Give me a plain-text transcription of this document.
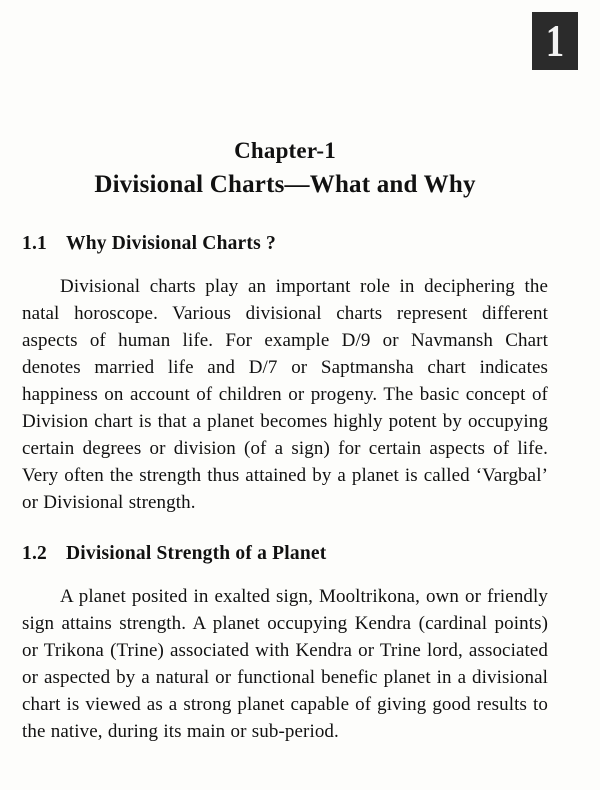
1
Chapter-1
Divisional Charts—What and Why
1.1 Why Divisional Charts ?

Divisional charts play an important role in deciphering the natal horoscope. Various divisional charts represent different aspects of human life. For example D/9 or Navmansh Chart denotes married life and D/7 or Saptmansha chart indicates happiness on account of children or progeny. The basic concept of Division chart is that a planet becomes highly potent by occupying certain degrees or division (of a sign) for certain aspects of life. Very often the strength thus attained by a planet is called ‘Vargbal’ or Divisional strength.

1.2 Divisional Strength of a Planet

A planet posited in exalted sign, Mooltrikona, own or friendly sign attains strength. A planet occupying Kendra (cardinal points) or Trikona (Trine) associated with Kendra or Trine lord, associated or aspected by a natural or functional benefic planet in a divisional chart is viewed as a strong planet capable of giving good results to the native, during its main or sub-period.
